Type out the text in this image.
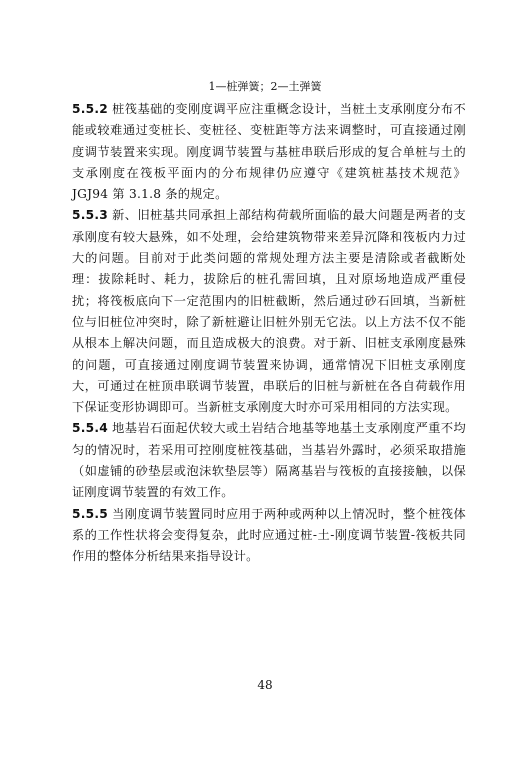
1—桩弹簧；2—土弹簧

5.5.2 桩筏基础的变刚度调平应注重概念设计，当桩土支承刚度分布不能或较难通过变桩长、变桩径、变桩距等方法来调整时，可直接通过刚度调节装置来实现。刚度调节装置与基桩串联后形成的复合单桩与土的支承刚度在筏板平面内的分布规律仍应遵守《建筑桩基技术规范》 JGJ94 第 3.1.8 条的规定。

5.5.3 新、旧桩基共同承担上部结构荷载所面临的最大问题是两者的支承刚度有较大悬殊，如不处理，会给建筑物带来差异沉降和筏板内力过大的问题。目前对于此类问题的常规处理方法主要是清除或者截断处理：拔除耗时、耗力，拔除后的桩孔需回填，且对原场地造成严重侵扰；将筏板底向下一定范围内的旧桩截断，然后通过砂石回填，当新桩位与旧桩位冲突时，除了新桩避让旧桩外别无它法。以上方法不仅不能从根本上解决问题，而且造成极大的浪费。对于新、旧桩支承刚度悬殊的问题，可直接通过刚度调节装置来协调，通常情况下旧桩支承刚度大，可通过在桩顶串联调节装置，串联后的旧桩与新桩在各自荷载作用下保证变形协调即可。当新桩支承刚度大时亦可采用相同的方法实现。

5.5.4 地基岩石面起伏较大或土岩结合地基等地基土支承刚度严重不均匀的情况时，若采用可控刚度桩筏基础，当基岩外露时，必须采取措施（如虚铺的砂垫层或泡沫软垫层等）隔离基岩与筏板的直接接触，以保证刚度调节装置的有效工作。

5.5.5 当刚度调节装置同时应用于两种或两种以上情况时，整个桩筏体系的工作性状将会变得复杂，此时应通过桩-土-刚度调节装置-筏板共同作用的整体分析结果来指导设计。

48
